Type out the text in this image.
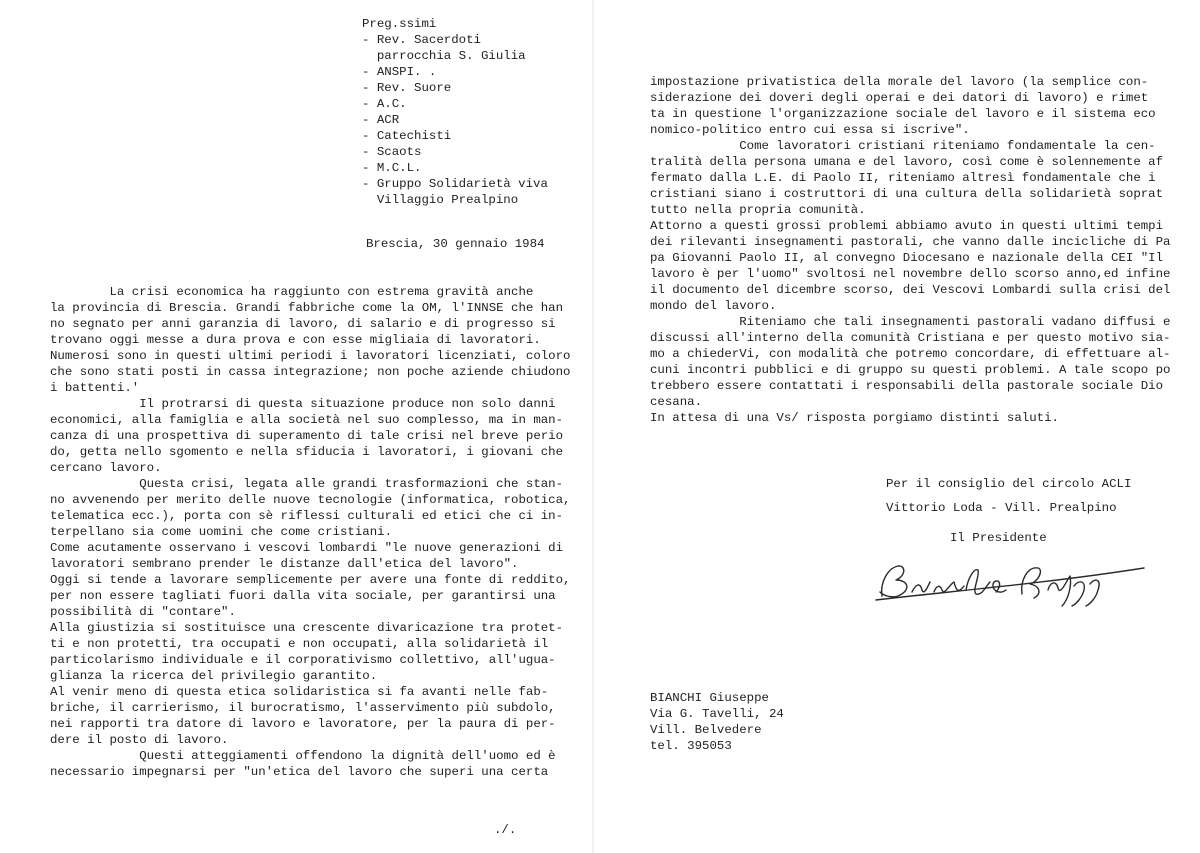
Preg.ssimi
- Rev. Sacerdoti
parrocchia S. Giulia
- ANSPI. .
- Rev. Suore
- A.C.
- ACR
- Catechisti
- Scaots
- M.C.L.
- Gruppo Solidarietà viva
Villaggio Prealpino
Brescia, 30 gennaio 1984
La crisi economica ha raggiunto con estrema gravità anche
la provincia di Brescia. Grandi fabbriche come la OM, l'INNSE che han
no segnato per anni garanzia di lavoro, di salario e di progresso si
trovano oggi messe a dura prova e con esse migliaia di lavoratori.
Numerosi sono in questi ultimi periodi i lavoratori licenziati, coloro
che sono stati posti in cassa integrazione; non poche aziende chiudono
i battenti.'
Il protrarsi di questa situazione produce non solo danni
economici, alla famiglia e alla società nel suo complesso, ma in man-
canza di una prospettiva di superamento di tale crisi nel breve perio
do, getta nello sgomento e nella sfiducia i lavoratori, i giovani che
cercano lavoro.
Questa crisi, legata alle grandi trasformazioni che stan-
no avvenendo per merito delle nuove tecnologie (informatica, robotica,
telematica ecc.), porta con sè riflessi culturali ed etici che ci in-
terpellano sia come uomini che come cristiani.
Come acutamente osservano i vescovi lombardi "le nuove generazioni di
lavoratori sembrano prender le distanze dall'etica del lavoro".
Oggi si tende a lavorare semplicemente per avere una fonte di reddito,
per non essere tagliati fuori dalla vita sociale, per garantirsi una
possibilità di "contare".
Alla giustizia si sostituisce una crescente divaricazione tra protet-
ti e non protetti, tra occupati e non occupati, alla solidarietà il
particolarismo individuale e il corporativismo collettivo, all'ugua-
glianza la ricerca del privilegio garantito.
Al venir meno di questa etica solidaristica si fa avanti nelle fab-
briche, il carrierismo, il burocratismo, l'asservimento più subdolo,
nei rapporti tra datore di lavoro e lavoratore, per la paura di per-
dere il posto di lavoro.
Questi atteggiamenti offendono la dignità dell'uomo ed è
necessario impegnarsi per "un'etica del lavoro che superi una certa
./.
impostazione privatistica della morale del lavoro (la semplice con-
siderazione dei doveri degli operai e dei datori di lavoro) e rimet
ta in questione l'organizzazione sociale del lavoro e il sistema eco
nomico-politico entro cui essa si iscrive".
Come lavoratori cristiani riteniamo fondamentale la cen-
tralità della persona umana e del lavoro, così come è solennemente af
fermato dalla L.E. di Paolo II, riteniamo altresì fondamentale che i
cristiani siano i costruttori di una cultura della solidarietà soprat
tutto nella propria comunità.
Attorno a questi grossi problemi abbiamo avuto in questi ultimi tempi
dei rilevanti insegnamenti pastorali, che vanno dalle incicliche di Pa
pa Giovanni Paolo II, al convegno Diocesano e nazionale della CEI "Il
lavoro è per l'uomo" svoltosi nel novembre dello scorso anno,ed infine
il documento del dicembre scorso, dei Vescovi Lombardi sulla crisi del
mondo del lavoro.
Riteniamo che tali insegnamenti pastorali vadano diffusi e
discussi all'interno della comunità Cristiana e per questo motivo sia-
mo a chiederVi, con modalità che potremo concordare, di effettuare al-
cuni incontri pubblici e di gruppo su questi problemi. A tale scopo po
trebbero essere contattati i responsabili della pastorale sociale Dio
cesana.
In attesa di una Vs/ risposta porgiamo distinti saluti.
Per il consiglio del circolo ACLI
Vittorio Loda - Vill. Prealpino
Il Presidente
BIANCHI Giuseppe
Via G. Tavelli, 24
Vill. Belvedere
tel. 395053
